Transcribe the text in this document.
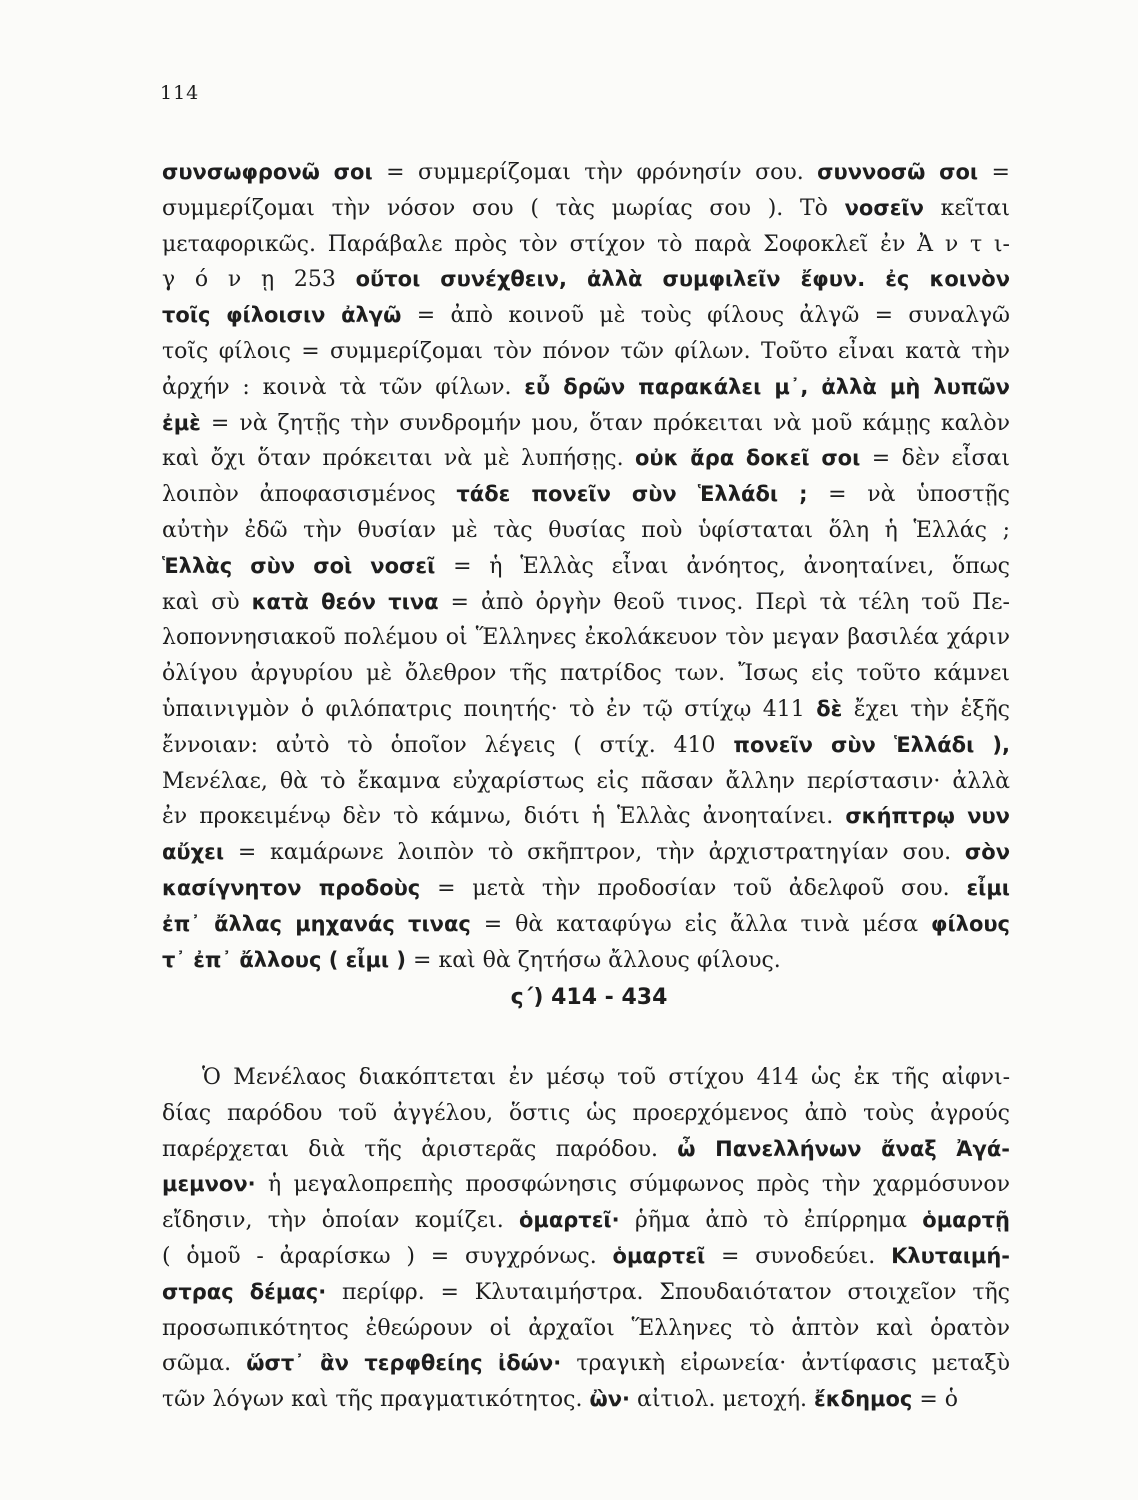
114
συνσωφρονῶ σοι = συμμερίζομαι τὴν φρόνησίν σου. συννοσῶ σοι =
συμμερίζομαι τὴν νόσον σου ( τὰς μωρίας σου ). Τὸ νοσεῖν κεῖται
μεταφορικῶς. Παράβαλε πρὸς τὸν στίχον τὸ παρὰ Σοφοκλεῖ ἐν Ἀ ν τ ι-
γ ό ν ῃ 253 οὔτοι συνέχθειν, ἀλλὰ συμφιλεῖν ἔφυν. ἐς κοινὸν
τοῖς φίλοισιν ἀλγῶ = ἀπὸ κοινοῦ μὲ τοὺς φίλους ἀλγῶ = συναλγῶ
τοῖς φίλοις = συμμερίζομαι τὸν πόνον τῶν φίλων. Τοῦτο εἶναι κατὰ τὴν
ἀρχήν : κοινὰ τὰ τῶν φίλων. εὖ δρῶν παρακάλει μ᾽, ἀλλὰ μὴ λυπῶν
ἐμὲ = νὰ ζητῇς τὴν συνδρομήν μου, ὅταν πρόκειται νὰ μοῦ κάμῃς καλὸν
καὶ ὄχι ὅταν πρόκειται νὰ μὲ λυπήσῃς. οὐκ ἄρα δοκεῖ σοι = δὲν εἶσαι
λοιπὸν ἀποφασισμένος τάδε πονεῖν σὺν Ἑλλάδι ; = νὰ ὑποστῇς
αὐτὴν ἐδῶ τὴν θυσίαν μὲ τὰς θυσίας ποὺ ὑφίσταται ὅλη ἡ Ἑλλάς ;
Ἑλλὰς σὺν σοὶ νοσεῖ = ἡ Ἑλλὰς εἶναι ἀνόητος, ἀνοηταίνει, ὅπως
καὶ σὺ κατὰ θεόν τινα = ἀπὸ ὀργὴν θεοῦ τινος. Περὶ τὰ τέλη τοῦ Πε-
λοποννησιακοῦ πολέμου οἱ Ἕλληνες ἐκολάκευον τὸν μεγαν βασιλέα χάριν
ὀλίγου ἀργυρίου μὲ ὄλεθρον τῆς πατρίδος των. Ἴσως εἰς τοῦτο κάμνει
ὑπαινιγμὸν ὁ φιλόπατρις ποιητής· τὸ ἐν τῷ στίχῳ 411 δὲ ἔχει τὴν ἑξῆς
ἔννοιαν: αὐτὸ τὸ ὁποῖον λέγεις ( στίχ. 410 πονεῖν σὺν Ἑλλάδι ),
Μενέλαε, θὰ τὸ ἔκαμνα εὐχαρίστως εἰς πᾶσαν ἄλλην περίστασιν· ἀλλὰ
ἐν προκειμένῳ δὲν τὸ κάμνω, διότι ἡ Ἑλλὰς ἀνοηταίνει. σκήπτρῳ νυν
αὔχει = καμάρωνε λοιπὸν τὸ σκῆπτρον, τὴν ἀρχιστρατηγίαν σου. σὸν
κασίγνητον προδοὺς = μετὰ τὴν προδοσίαν τοῦ ἀδελφοῦ σου. εἶμι
ἐπ᾽ ἄλλας μηχανάς τινας = θὰ καταφύγω εἰς ἄλλα τινὰ μέσα φίλους
τ᾽ ἐπ᾽ ἄλλους ( εἶμι ) = καὶ θὰ ζητήσω ἄλλους φίλους.
ς΄) 414 - 434
Ὁ Μενέλαος διακόπτεται ἐν μέσῳ τοῦ στίχου 414 ὡς ἐκ τῆς αἰφνι-
δίας παρόδου τοῦ ἀγγέλου, ὅστις ὡς προερχόμενος ἀπὸ τοὺς ἀγρούς
παρέρχεται διὰ τῆς ἀριστερᾶς παρόδου. ὦ Πανελλήνων ἄναξ Ἀγά-
μεμνον· ἡ μεγαλοπρεπὴς προσφώνησις σύμφωνος πρὸς τὴν χαρμόσυνον
εἴδησιν, τὴν ὁποίαν κομίζει. ὁμαρτεῖ· ῥῆμα ἀπὸ τὸ ἐπίρρημα ὁμαρτῇ
( ὁμοῦ - ἀραρίσκω ) = συγχρόνως. ὁμαρτεῖ = συνοδεύει. Κλυταιμή-
στρας δέμας· περίφρ. = Κλυταιμήστρα. Σπουδαιότατον στοιχεῖον τῆς
προσωπικότητος ἐθεώρουν οἱ ἀρχαῖοι Ἕλληνες τὸ ἁπτὸν καὶ ὁρατὸν
σῶμα. ὥστ᾽ ἂν τερφθείης ἰδών· τραγικὴ εἰρωνεία· ἀντίφασις μεταξὺ
τῶν λόγων καὶ τῆς πραγματικότητος. ὢν· αἰτιολ. μετοχή. ἔκδημος = ὁ
